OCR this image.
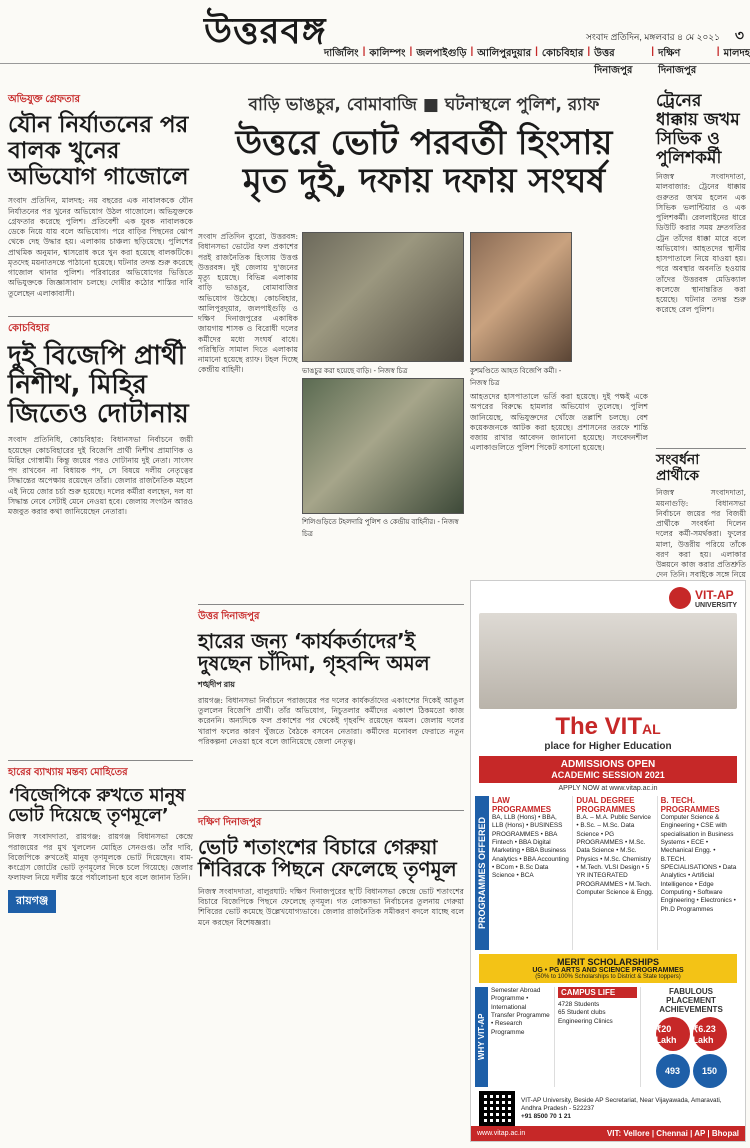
উত্তরবঙ্গ	সংবাদ প্রতিদিন, মঙ্গলবার ৪ মে ২০২১ ৩
দার্জিলিং | কালিম্পং | জলপাইগুড়ি | আলিপুরদুয়ার | কোচবিহার | উত্তর দিনাজপুর
| দক্ষিণ দিনাজপুর
| মালদহ
অভিযুক্ত গ্রেফতার
যৌন নির্যাতনের পর বালক খুনের অভিযোগ গাজোলে
সংবাদ প্রতিদিন, মালদহ: নয় বছরের এক নাবালককে যৌন নির্যাতনের পর খুনের অভিযোগ উঠল গাজোলে। অভিযুক্তকে গ্রেফতার করেছে পুলিশ। প্রতিবেশী এক যুবক নাবালককে ডেকে নিয়ে যায় বলে অভিযোগ। পরে বাড়ির পিছনের ঝোপ থেকে দেহ উদ্ধার হয়। এলাকায় চাঞ্চল্য ছড়িয়েছে। পুলিশের প্রাথমিক অনুমান, শ্বাসরোধ করে খুন করা হয়েছে বালকটিকে। মৃতদেহ ময়নাতদন্তে পাঠানো হয়েছে। ঘটনার তদন্ত শুরু করেছে গাজোল থানার পুলিশ। পরিবারের অভিযোগের ভিত্তিতে অভিযুক্তকে জিজ্ঞাসাবাদ চলছে। দোষীর কঠোর শাস্তির দাবি তুলেছেন এলাকাবাসী।
কোচবিহার
দুই বিজেপি প্রার্থী নিশীথ, মিহির জিতেও দোটানায়
সংবাদ প্রতিনিধি, কোচবিহার: বিধানসভা নির্বাচনে জয়ী হয়েছেন কোচবিহারের দুই বিজেপি প্রার্থী নিশীথ প্রামাণিক ও মিহির গোস্বামী। কিন্তু জয়ের পরও দোটানায় দুই নেতা। সাংসদ পদ রাখবেন না বিধায়ক পদ, সে বিষয়ে দলীয় নেতৃত্বের সিদ্ধান্তের অপেক্ষায় রয়েছেন তাঁরা। জেলার রাজনৈতিক মহলে এই নিয়ে জোর চর্চা শুরু হয়েছে। দলের কর্মীরা বলছেন, দল যা সিদ্ধান্ত নেবে সেটাই মেনে নেওয়া হবে। জেলায় সংগঠন আরও মজবুত করার কথা জানিয়েছেন নেতারা।
হারের ব্যাখ্যায় মন্তব্য মোহিতের
‘বিজেপিকে রুখতে মানুষ ভোট দিয়েছে তৃণমূলে’
নিজস্ব সংবাদদাতা, রায়গঞ্জ: রায়গঞ্জ বিধানসভা কেন্দ্রে পরাজয়ের পর মুখ খুললেন মোহিত সেনগুপ্ত। তাঁর দাবি, বিজেপিকে রুখতেই মানুষ তৃণমূলকে ভোট দিয়েছেন। বাম-কংগ্রেস জোটের ভোট তৃণমূলের দিকে চলে গিয়েছে। জেলার ফলাফল নিয়ে দলীয় স্তরে পর্যালোচনা হবে বলে জানান তিনি।
রায়গঞ্জ
বাড়ি ভাঙচুর, বোমাবাজি ■ ঘটনাস্থলে পুলিশ, র‍্যাফ
উত্তরে ভোট পরবর্তী হিংসায়
মৃত দুই, দফায় দফায় সংঘর্ষ
সংবাদ প্রতিদিন ব্যুরো, উত্তরবঙ্গ: বিধানসভা ভোটের ফল প্রকাশের পরই রাজনৈতিক হিংসায় উত্তপ্ত উত্তরবঙ্গ। দুই জেলায় দু'জনের মৃত্যু হয়েছে। বিভিন্ন এলাকায় বাড়ি ভাঙচুর, বোমাবাজির অভিযোগ উঠেছে। কোচবিহার, আলিপুরদুয়ার, জলপাইগুড়ি ও দক্ষিণ দিনাজপুরের একাধিক জায়গায় শাসক ও বিরোধী দলের কর্মীদের মধ্যে সংঘর্ষ বাধে। পরিস্থিতি সামাল দিতে এলাকায় নামানো হয়েছে র‍্যাফ। টহল দিচ্ছে কেন্দ্রীয় বাহিনী।
আহতদের হাসপাতালে ভর্তি করা হয়েছে। দুই পক্ষই একে অপরের বিরুদ্ধে হামলার অভিযোগ তুলেছে। পুলিশ জানিয়েছে, অভিযুক্তদের খোঁজে তল্লাশি চলছে। বেশ কয়েকজনকে আটক করা হয়েছে। প্রশাসনের তরফে শান্তি বজায় রাখার আবেদন জানানো হয়েছে। সংবেদনশীল এলাকাগুলিতে পুলিশ পিকেট বসানো হয়েছে।
ভাঙচুর করা হয়েছে বাড়ি। - নিজস্ব চিত্র	কুশমণ্ডিতে আহত বিজেপি কর্মী। - নিজস্ব চিত্র
শিলিগুড়িতে টহলদারি পুলিশ ও কেন্দ্রীয় বাহিনীর। - নিজস্ব চিত্র
ট্রেনের ধাক্কায় জখম সিভিক ও পুলিশকর্মী
নিজস্ব সংবাদদাতা, মালবাজার: ট্রেনের ধাক্কায় গুরুতর জখম হলেন এক সিভিক ভলান্টিয়ার ও এক পুলিশকর্মী। রেললাইনের ধারে ডিউটি করার সময় দ্রুতগতির ট্রেন তাঁদের ধাক্কা মারে বলে অভিযোগ। আহতদের স্থানীয় হাসপাতালে নিয়ে যাওয়া হয়। পরে অবস্থার অবনতি হওয়ায় তাঁদের উত্তরবঙ্গ মেডিক্যাল কলেজে স্থানান্তরিত করা হয়েছে। ঘটনার তদন্ত শুরু করেছে রেল পুলিশ।
সংবর্ধনা প্রার্থীকে
নিজস্ব সংবাদদাতা, ময়নাগুড়ি: বিধানসভা নির্বাচনে জয়ের পর বিজয়ী প্রার্থীকে সংবর্ধনা দিলেন দলের কর্মী-সমর্থকরা। ফুলের মালা, উত্তরীয় পরিয়ে তাঁকে বরণ করা হয়। এলাকার উন্নয়নে কাজ করার প্রতিশ্রুতি দেন তিনি। সবাইকে সঙ্গে নিয়ে
উত্তর দিনাজপুর
হারের জন্য ‘কার্যকর্তাদের’ই
দুষছেন চাঁদিমা, গৃহবন্দি অমল
শঙ্খদীপ রায়
রায়গঞ্জ: বিধানসভা নির্বাচনে পরাজয়ের পর দলের কার্যকর্তাদের একাংশের দিকেই আঙুল তুললেন বিজেপি প্রার্থী। তাঁর অভিযোগ, নিচুতলার কর্মীদের একাংশ ঠিকমতো কাজ করেননি। অন্যদিকে ফল প্রকাশের পর থেকেই গৃহবন্দি রয়েছেন অমল। জেলায় দলের খারাপ ফলের কারণ খুঁজতে বৈঠকে বসবেন নেতারা। কর্মীদের মনোবল ফেরাতে নতুন পরিকল্পনা নেওয়া হবে বলে জানিয়েছে জেলা নেতৃত্ব।
দক্ষিণ দিনাজপুর
ভোট শতাংশের বিচারে গেরুয়া
শিবিরকে পিছনে ফেলেছে তৃণমূল
নিজস্ব সংবাদদাতা, বালুরঘাট: দক্ষিণ দিনাজপুরের ছ'টি বিধানসভা কেন্দ্রে ভোট শতাংশের বিচারে বিজেপিকে পিছনে ফেলেছে তৃণমূল। গত লোকসভা নির্বাচনের তুলনায় গেরুয়া শিবিরের ভোট কমেছে উল্লেখযোগ্যভাবে। জেলার রাজনৈতিক সমীকরণ বদলে যাচ্ছে বলে মনে করছেন বিশেষজ্ঞরা।
VIT-AP
UNIVERSITY
The VITAL
place for Higher Education
ADMISSIONS OPEN
ACADEMIC SESSION 2021
APPLY NOW at www.vitap.ac.in
PROGRAMMES OFFERED
LAW PROGRAMMES
BA, LLB (Hons) • BBA, LLB (Hons) • BUSINESS PROGRAMMES • BBA Fintech • BBA Digital Marketing • BBA Business Analytics • BBA Accounting • BCom • B.Sc Data Science • BCA
DUAL DEGREE PROGRAMMES
B.A. – M.A. Public Service • B.Sc. – M.Sc. Data Science • PG PROGRAMMES • M.Sc. Data Science • M.Sc. Physics • M.Sc. Chemistry • M.Tech. VLSI Design • 5 YR INTEGRATED PROGRAMMES • M.Tech. Computer Science & Engg.
B. TECH. PROGRAMMES
Computer Science & Engineering • CSE with specialisation in Business Systems • ECE • Mechanical Engg. • B.TECH. SPECIALISATIONS • Data Analytics • Artificial Intelligence • Edge Computing • Software Engineering • Electronics • Ph.D Programmes
MERIT SCHOLARSHIPS
UG • PG ARTS AND SCIENCE PROGRAMMES
(50% to 100% Scholarships to District & State toppers)
WHY VIT-AP
Semester Abroad Programme • International Transfer Programme • Research Programme
CAMPUS LIFE
4728 Students
65 Student clubs
Engineering Clinics
FABULOUS PLACEMENT ACHIEVEMENTS
₹20 Lakh
₹6.23 Lakh
493	150
VIT-AP University, Beside AP Secretariat, Near Vijayawada, Amaravati, Andhra Pradesh - 522237
+91 8500 70 1 21
www.vitap.ac.in	VIT: Vellore | Chennai | AP | Bhopal
